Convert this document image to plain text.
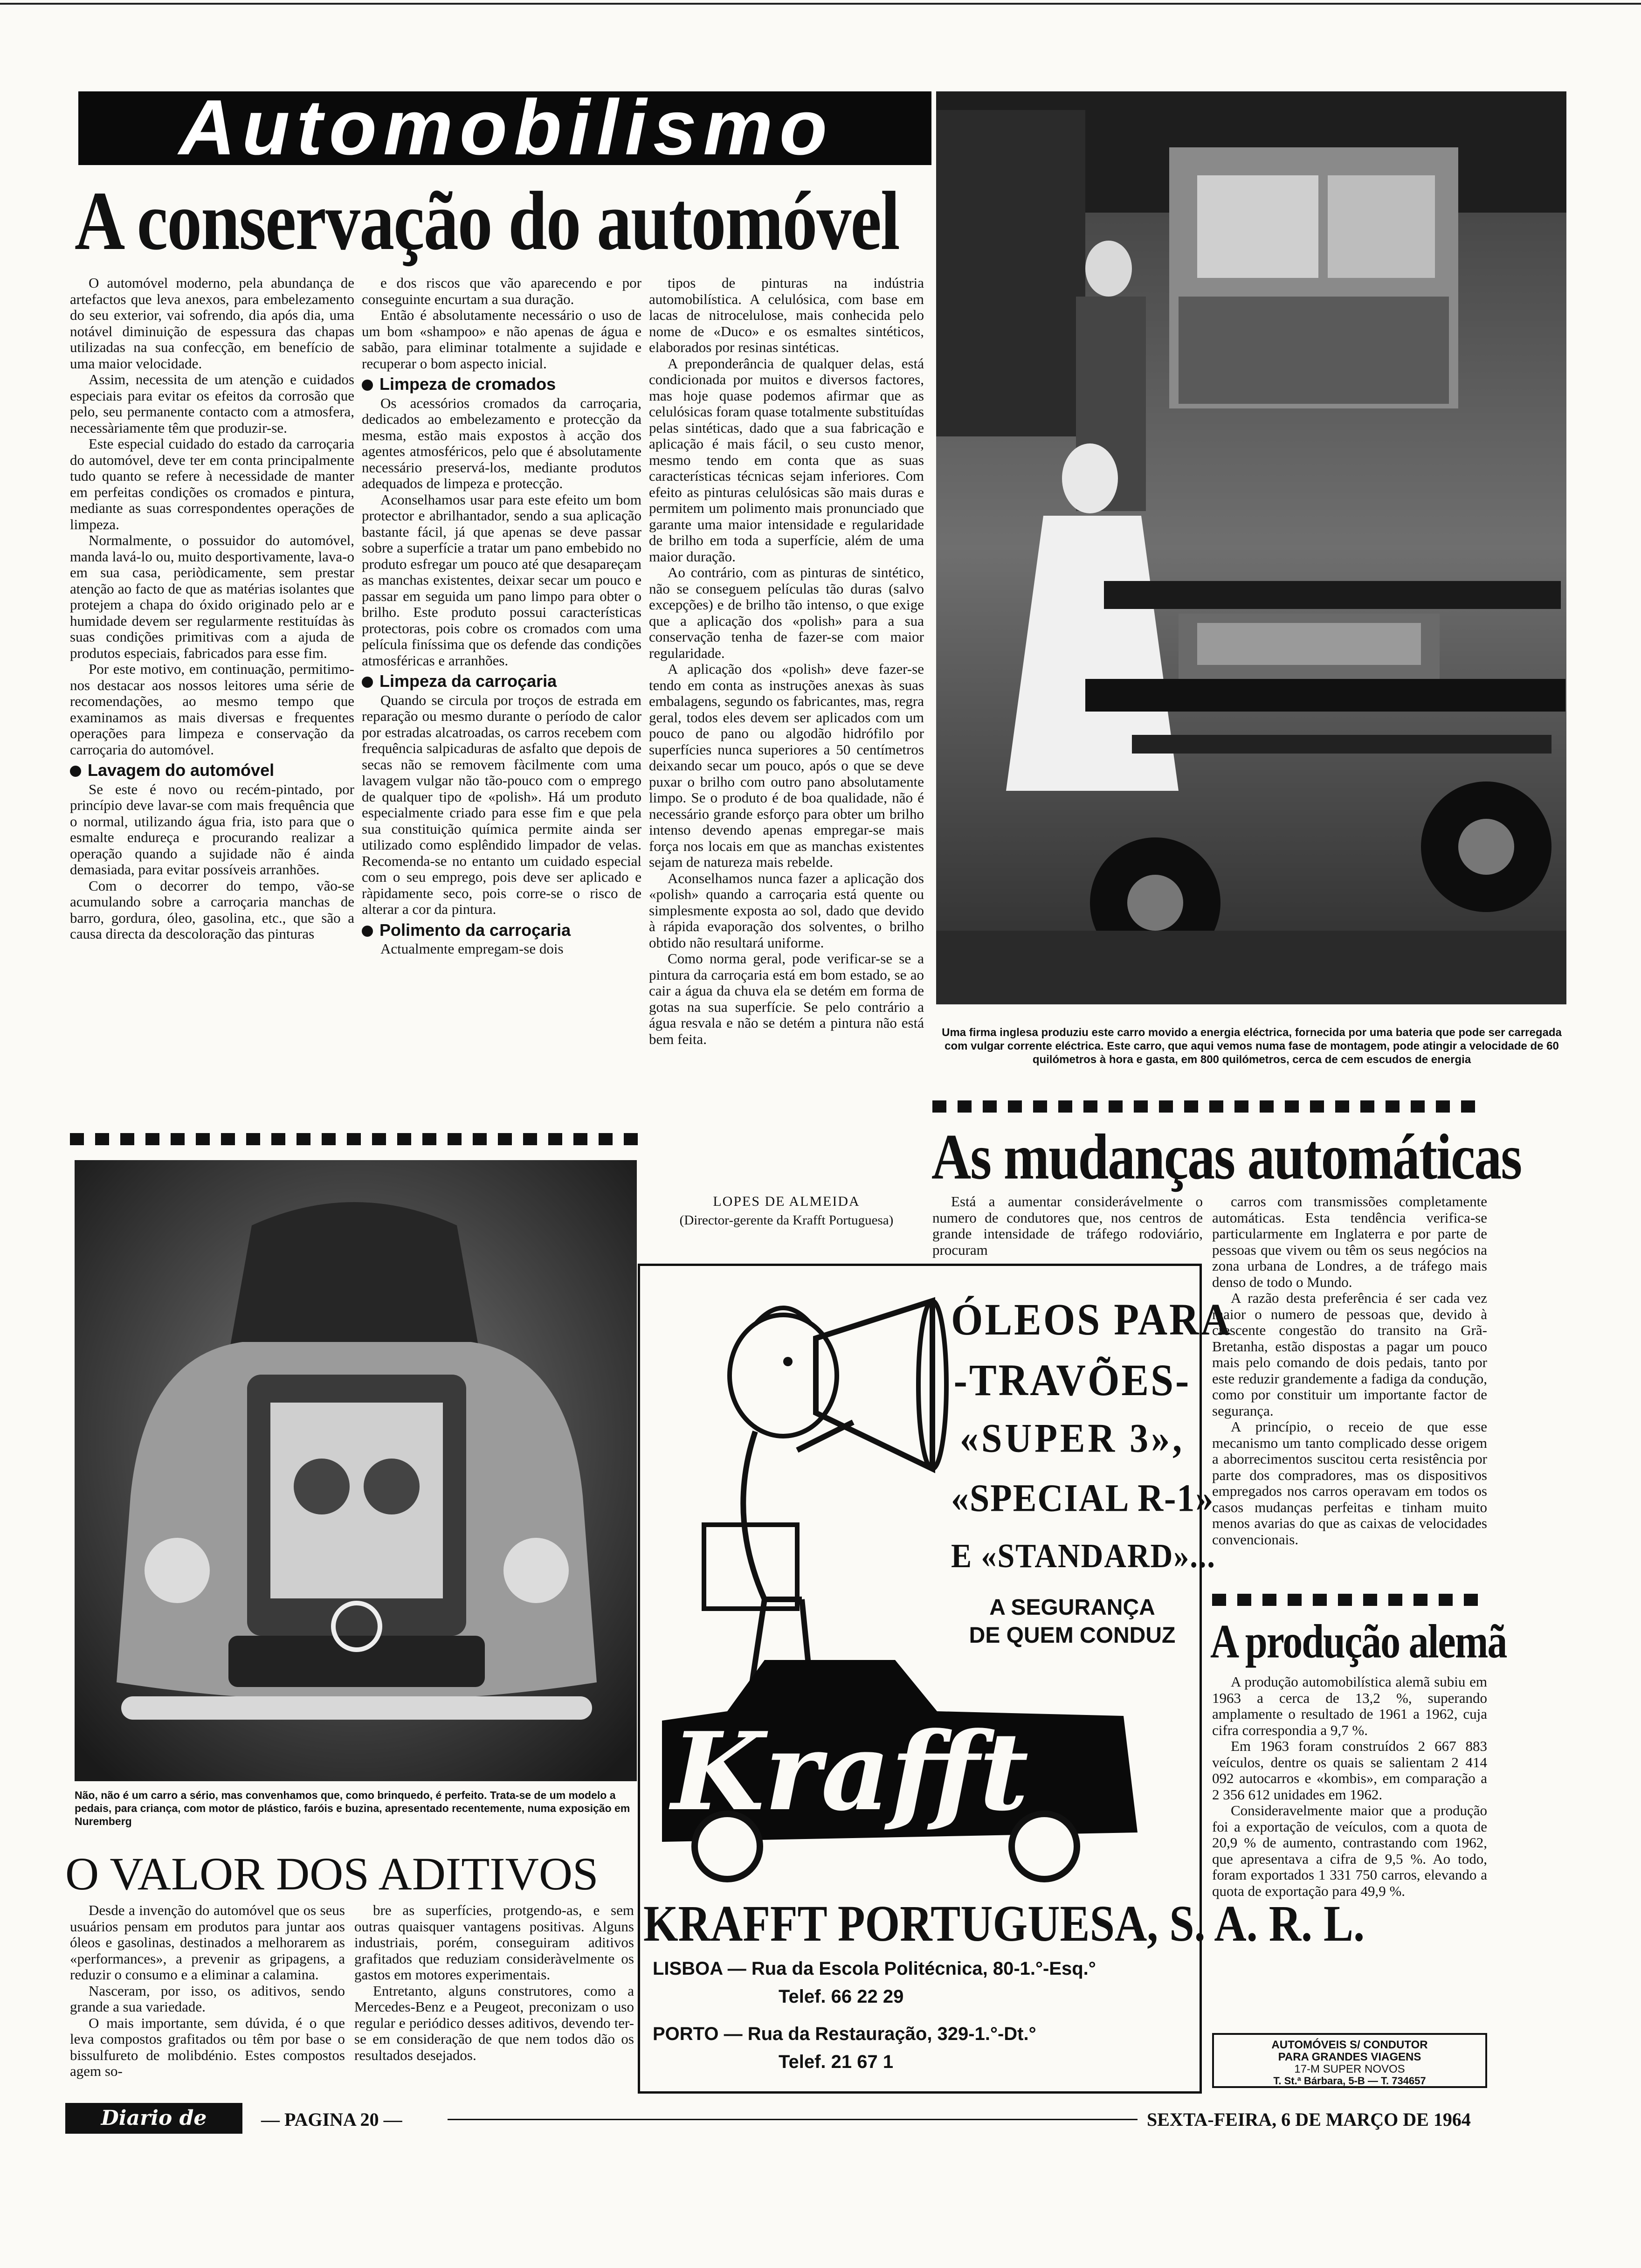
Automobilismo
A conservação do automóvel

O automóvel moderno, pela abundança de artefactos que leva anexos, para embelezamento do seu exterior, vai sofrendo, dia após dia, uma notável diminuição de espessura das chapas utilizadas na sua confecção, em benefício de uma maior velocidade.

Assim, necessita de um atenção e cuidados especiais para evitar os efeitos da corrosão que pelo, seu permanente contacto com a atmosfera, necessàriamente têm que produzir-se.

Este especial cuidado do estado da carroçaria do automóvel, deve ter em conta principalmente tudo quanto se refere à necessidade de manter em perfeitas condições os cromados e pintura, mediante as suas correspondentes operações de limpeza.

Normalmente, o possuidor do automóvel, manda lavá-lo ou, muito desportivamente, lava-o em sua casa, periòdicamente, sem prestar atenção ao facto de que as matérias isolantes que protejem a chapa do óxido originado pelo ar e humidade devem ser regularmente restituídas às suas condições primitivas com a ajuda de produtos especiais, fabricados para esse fim.

Por este motivo, em continuação, permitimo-nos destacar aos nossos leitores uma série de recomendações, ao mesmo tempo que examinamos as mais diversas e frequentes operações para limpeza e conservação da carroçaria do automóvel.

Lavagem do automóvel

Se este é novo ou recém-pintado, por princípio deve lavar-se com mais frequência que o normal, utilizando água fria, isto para que o esmalte endureça e procurando realizar a operação quando a sujidade não é ainda demasiada, para evitar possíveis arranhões.

Com o decorrer do tempo, vão-se acumulando sobre a carroçaria manchas de barro, gordura, óleo, gasolina, etc., que são a causa directa da descoloração das pinturas

e dos riscos que vão aparecendo e por conseguinte encurtam a sua duração.

Então é absolutamente necessário o uso de um bom «shampoo» e não apenas de água e sabão, para eliminar totalmente a sujidade e recuperar o bom aspecto inicial.

Limpeza de cromados

Os acessórios cromados da carroçaria, dedicados ao embelezamento e protecção da mesma, estão mais expostos à acção dos agentes atmosféricos, pelo que é absolutamente necessário preservá-los, mediante produtos adequados de limpeza e protecção.

Aconselhamos usar para este efeito um bom protector e abrilhantador, sendo a sua aplicação bastante fácil, já que apenas se deve passar sobre a superfície a tratar um pano embebido no produto esfregar um pouco até que desapareçam as manchas existentes, deixar secar um pouco e passar em seguida um pano limpo para obter o brilho. Este produto possui características protectoras, pois cobre os cromados com uma película finíssima que os defende das condições atmosféricas e arranhões.

Limpeza da carroçaria

Quando se circula por troços de estrada em reparação ou mesmo durante o período de calor por estradas alcatroadas, os carros recebem com frequência salpicaduras de asfalto que depois de secas não se removem fàcilmente com uma lavagem vulgar não tão-pouco com o emprego de qualquer tipo de «polish». Há um produto especialmente criado para esse fim e que pela sua constituição química permite ainda ser utilizado como esplêndido limpador de velas. Recomenda-se no entanto um cuidado especial com o seu emprego, pois deve ser aplicado e ràpidamente seco, pois corre-se o risco de alterar a cor da pintura.

Polimento da carroçaria

Actualmente empregam-se dois

tipos de pinturas na indústria automobilística. A celulósica, com base em lacas de nitrocelulose, mais conhecida pelo nome de «Duco» e os esmaltes sintéticos, elaborados por resinas sintéticas.

A preponderância de qualquer delas, está condicionada por muitos e diversos factores, mas hoje quase podemos afirmar que as celulósicas foram quase totalmente substituídas pelas sintéticas, dado que a sua fabricação e aplicação é mais fácil, o seu custo menor, mesmo tendo em conta que as suas características técnicas sejam inferiores. Com efeito as pinturas celulósicas são mais duras e permitem um polimento mais pronunciado que garante uma maior intensidade e regularidade de brilho em toda a superfície, além de uma maior duração.

Ao contrário, com as pinturas de sintético, não se conseguem películas tão duras (salvo excepções) e de brilho tão intenso, o que exige que a aplicação dos «polish» para a sua conservação tenha de fazer-se com maior regularidade.

A aplicação dos «polish» deve fazer-se tendo em conta as instruções anexas às suas embalagens, segundo os fabricantes, mas, regra geral, todos eles devem ser aplicados com um pouco de pano ou algodão hidrófilo por superfícies nunca superiores a 50 centímetros deixando secar um pouco, após o que se deve puxar o brilho com outro pano absolutamente limpo. Se o produto é de boa qualidade, não é necessário grande esforço para obter um brilho intenso devendo apenas empregar-se mais força nos locais em que as manchas existentes sejam de natureza mais rebelde.

Aconselhamos nunca fazer a aplicação dos «polish» quando a carroçaria está quente ou simplesmente exposta ao sol, dado que devido à rápida evaporação dos solventes, o brilho obtido não resultará uniforme.

Como norma geral, pode verificar-se se a pintura da carroçaria está em bom estado, se ao cair a água da chuva ela se detém em forma de gotas na sua superfície. Se pelo contrário a água resvala e não se detém a pintura não está bem feita.

LOPES DE ALMEIDA
(Director-gerente da Krafft Portuguesa)
Uma firma inglesa produziu este carro movido a energia eléctrica, fornecida por uma bateria que pode ser carregada com vulgar corrente eléctrica. Este carro, que aqui vemos numa fase de montagem, pode atingir a velocidade de 60 quilómetros à hora e gasta, em 800 quilómetros, cerca de cem escudos de energia
As mudanças automáticas

Está a aumentar considerávelmente o numero de condutores que, nos centros de grande intensidade de tráfego rodoviário, procuram

carros com transmissões completamente automáticas. Esta tendência verifica-se particularmente em Inglaterra e por parte de pessoas que vivem ou têm os seus negócios na zona urbana de Londres, a de tráfego mais denso de todo o Mundo.

A razão desta preferência é ser cada vez maior o numero de pessoas que, devido à crescente congestão do transito na Grã-Bretanha, estão dispostas a pagar um pouco mais pelo comando de dois pedais, tanto por este reduzir grandemente a fadiga da condução, como por constituir um importante factor de segurança.

A princípio, o receio de que esse mecanismo um tanto complicado desse origem a aborrecimentos suscitou certa resistência por parte dos compradores, mas os dispositivos empregados nos carros operavam em todos os casos mudanças perfeitas e tinham muito menos avarias do que as caixas de velocidades convencionais.

A produção alemã

A produção automobilística alemã subiu em 1963 a cerca de 13,2 %, superando amplamente o resultado de 1961 a 1962, cuja cifra correspondia a 9,7 %.

Em 1963 foram construídos 2 667 883 veículos, dentre os quais se salientam 2 414 092 autocarros e «kombis», em comparação a 2 356 612 unidades em 1962.

Consideravelmente maior que a produção foi a exportação de veículos, com a quota de 20,9 % de aumento, contrastando com 1962, que apresentava a cifra de 9,5 %. Ao todo, foram exportados 1 331 750 carros, elevando a quota de exportação para 49,9 %.

AUTOMÓVEIS S/ CONDUTOR
PARA GRANDES VIAGENS
17-M SUPER NOVOS
T. St.ª Bárbara, 5-B — T. 734657
Não, não é um carro a sério, mas convenhamos que, como brinquedo, é perfeito. Trata-se de um modelo a pedais, para criança, com motor de plástico, faróis e buzina, apresentado recentemente, numa exposição em Nuremberg
O VALOR DOS ADITIVOS

Desde a invenção do automóvel que os seus usuários pensam em produtos para juntar aos óleos e gasolinas, destinados a melhorarem as «performances», a prevenir as gripagens, a reduzir o consumo e a eliminar a calamina.

Nasceram, por isso, os aditivos, sendo grande a sua variedade.

O mais importante, sem dúvida, é o que leva compostos grafitados ou têm por base o bissulfureto de molibdénio. Estes compostos agem so-

bre as superfícies, protgendo-as, e sem outras quaisquer vantagens positivas. Alguns industriais, porém, conseguiram aditivos grafitados que reduziam consideràvelmente os gastos em motores experimentais.

Entretanto, alguns construtores, como a Mercedes-Benz e a Peugeot, preconizam o uso regular e periódico desses aditivos, devendo ter-se em consideração de que nem todos dão os resultados desejados.

ÓLEOS PARA
-TRAVÕES-
«SUPER 3»,
«SPECIAL R-1»
E «STANDARD»...
A SEGURANÇA
DE QUEM CONDUZ
Krafft
KRAFFT PORTUGUESA, S. A. R. L.
LISBOA — Rua da Escola Politécnica, 80-1.°-Esq.°
Telef. 66 22 29
PORTO — Rua da Restauração, 329-1.°-Dt.°
Telef. 21 67 1
Diario de Lisboa
— PAGINA 20 —	SEXTA-FEIRA, 6 DE MARÇO DE 1964
